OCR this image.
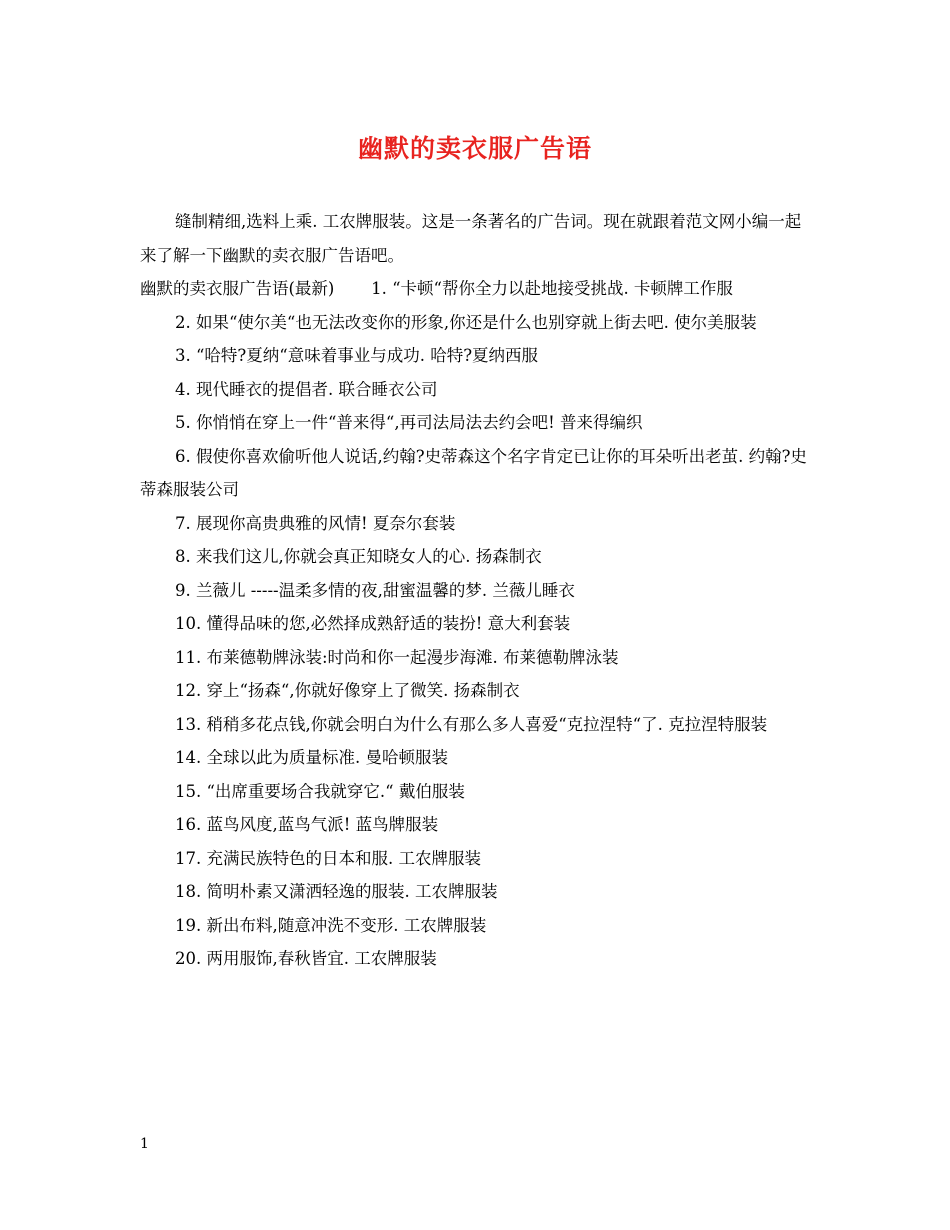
幽默的卖衣服广告语

缝制精细,选料上乘. 工农牌服装。这是一条著名的广告词。现在就跟着范文网小编一起来了解一下幽默的卖衣服广告语吧。

幽默的卖衣服广告语(最新)       1. “卡顿“帮你全力以赴地接受挑战. 卡顿牌工作服

2. 如果“使尔美“也无法改变你的形象,你还是什么也别穿就上街去吧. 使尔美服装

3. “哈特?夏纳“意味着事业与成功. 哈特?夏纳西服

4. 现代睡衣的提倡者. 联合睡衣公司

5. 你悄悄在穿上一件“普来得“,再司法局法去约会吧! 普来得编织

6. 假使你喜欢偷听他人说话,约翰?史蒂森这个名字肯定已让你的耳朵听出老茧. 约翰?史蒂森服装公司

7. 展现你高贵典雅的风情! 夏奈尔套装

8. 来我们这儿,你就会真正知晓女人的心. 扬森制衣

9. 兰薇儿 -----温柔多情的夜,甜蜜温馨的梦. 兰薇儿睡衣

10. 懂得品味的您,必然择成熟舒适的装扮! 意大利套装

11. 布莱德勒牌泳装:时尚和你一起漫步海滩. 布莱德勒牌泳装

12. 穿上“扬森“,你就好像穿上了微笑. 扬森制衣

13. 稍稍多花点钱,你就会明白为什么有那么多人喜爱“克拉涅特“了. 克拉涅特服装

14. 全球以此为质量标准. 曼哈顿服装

15. “出席重要场合我就穿它.“ 戴伯服装

16. 蓝鸟风度,蓝鸟气派! 蓝鸟牌服装

17. 充满民族特色的日本和服. 工农牌服装

18. 简明朴素又潇洒轻逸的服装. 工农牌服装

19. 新出布料,随意冲洗不变形. 工农牌服装

20. 两用服饰,春秋皆宜. 工农牌服装

1
